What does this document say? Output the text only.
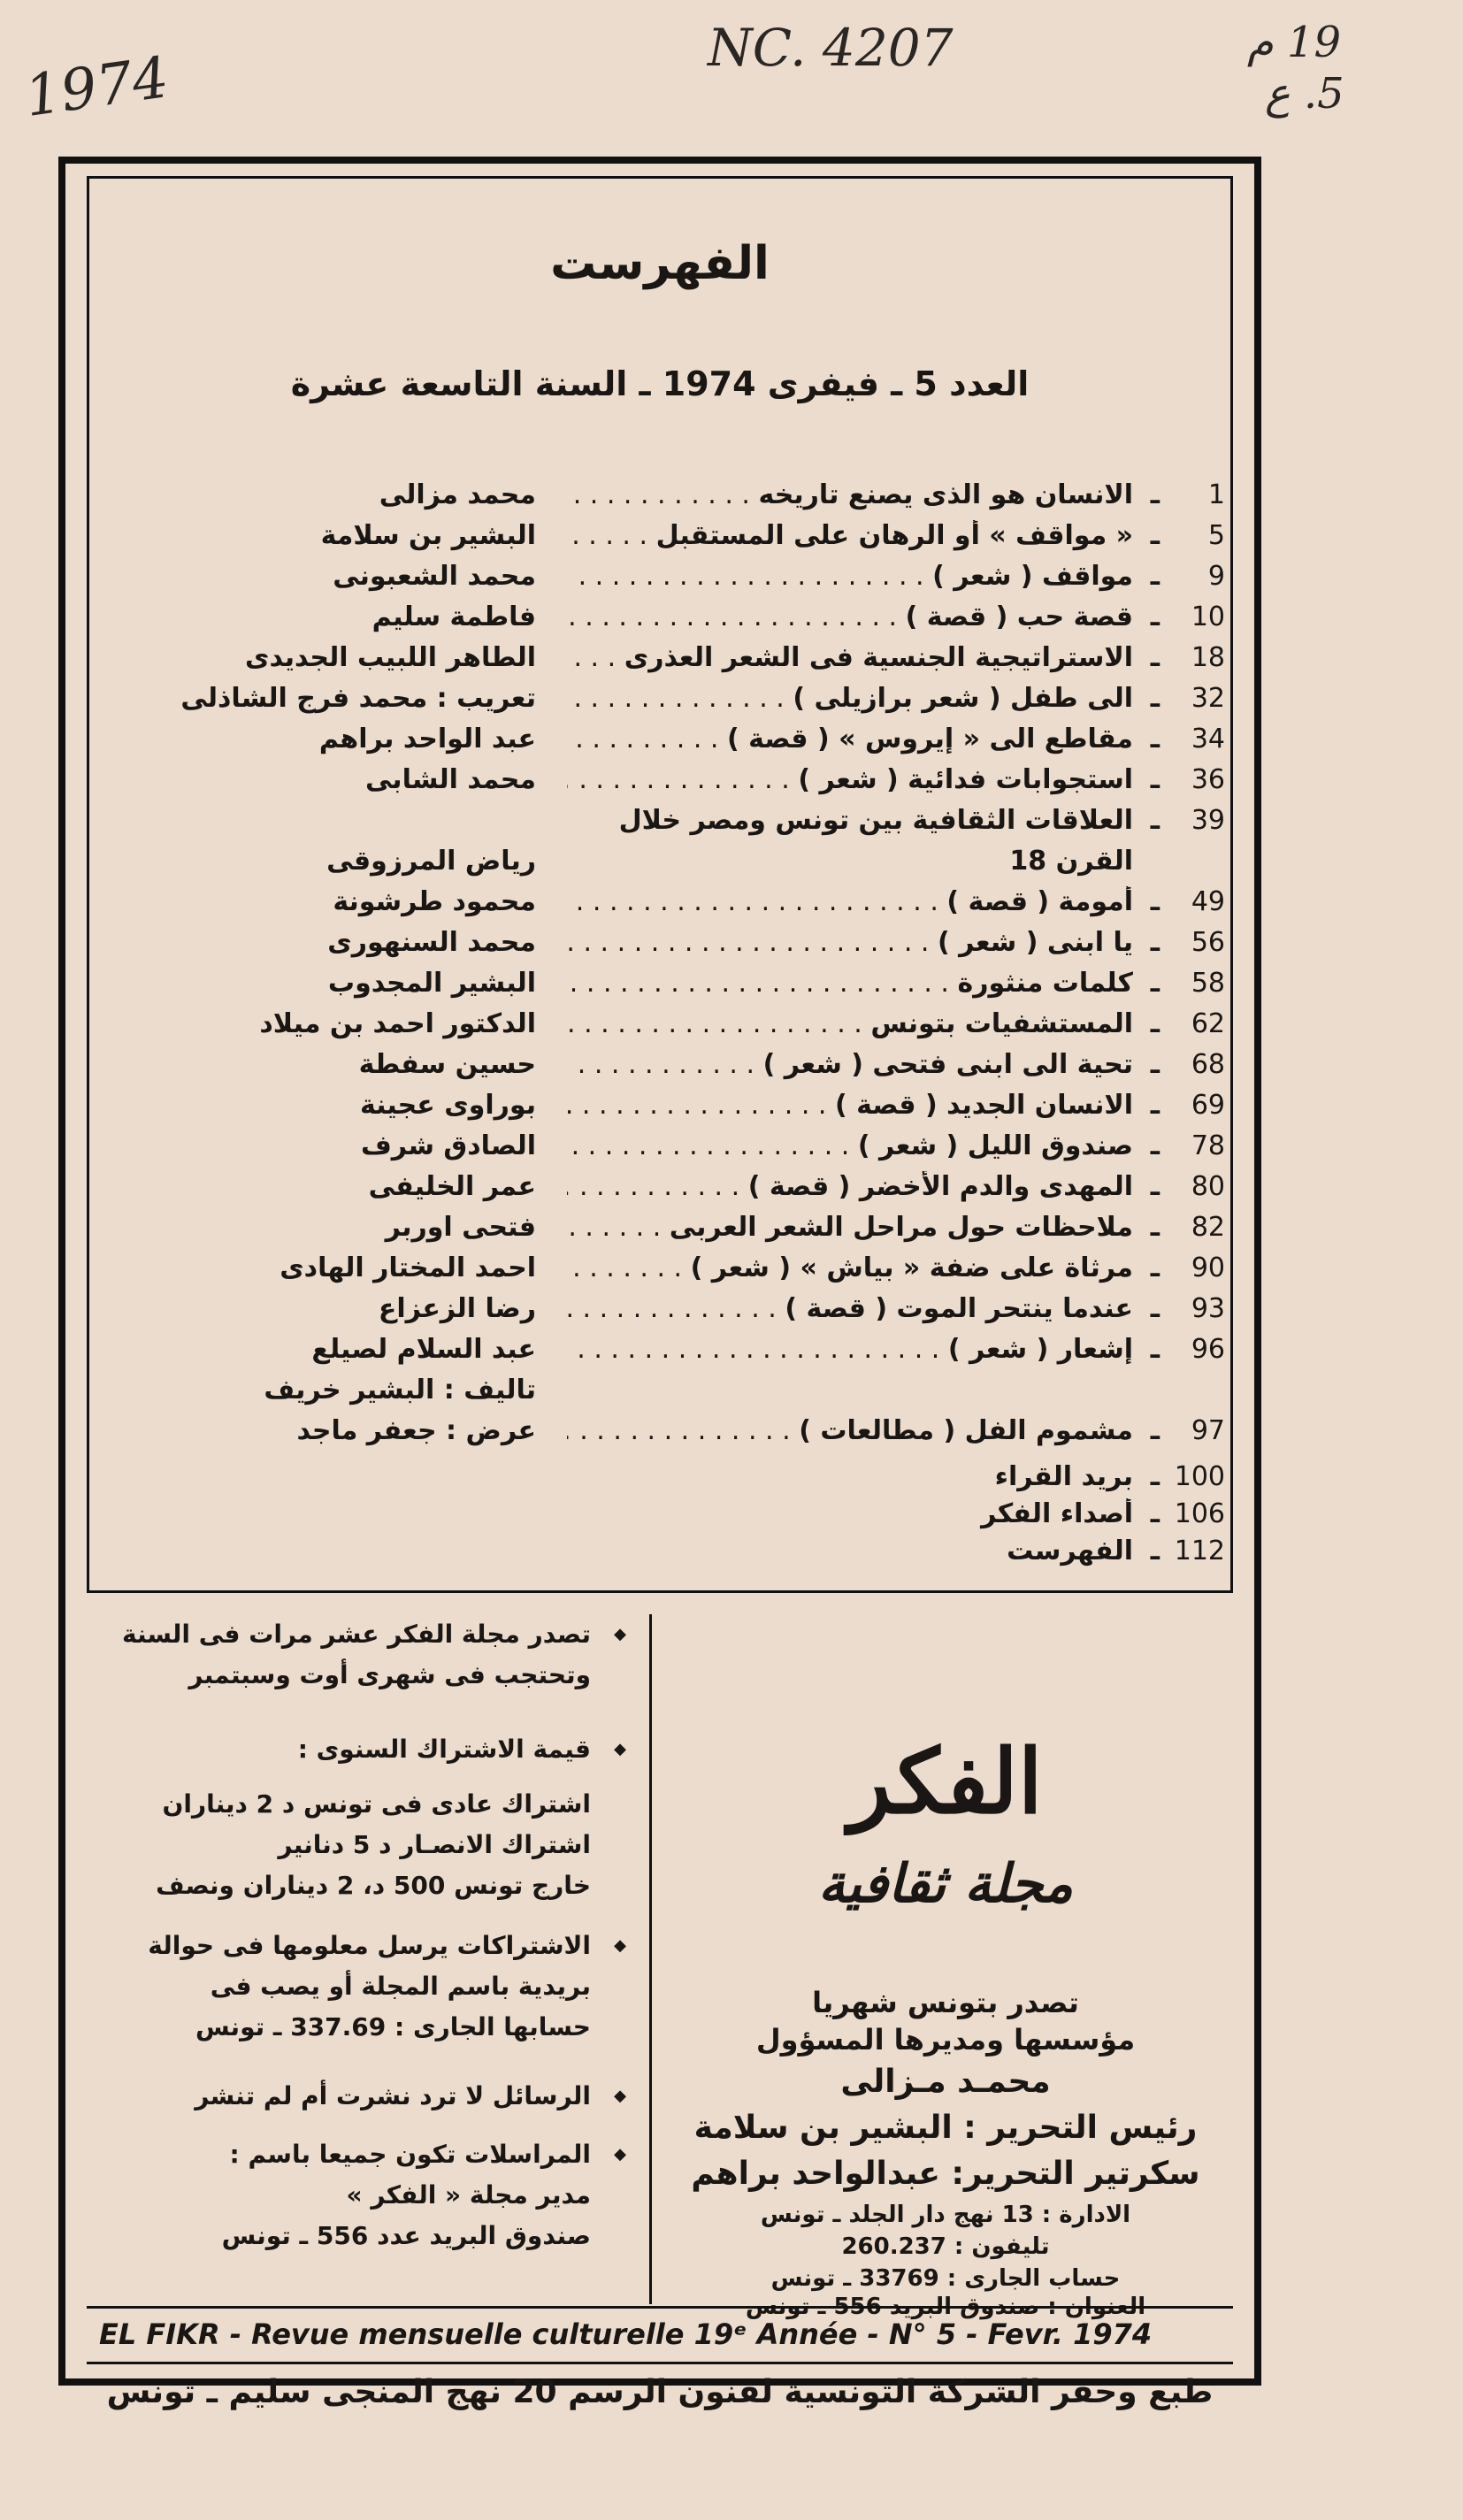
1974	NC. 4207	19 م
5. ع
الفهرست
العدد 5 ـ فيفرى 1974 ـ السنة التاسعة عشرة
1
ـ
الانسان هو الذى يصنع تاريخه . . .
محمد مزالى
5
ـ
« مواقف » أو الرهان على المستقبل . . .
البشير بن سلامة
9
ـ
مواقف ( شعر ) . . .
محمد الشعبونى
10
ـ
قصة حب ( قصة ) . . .
فاطمة سليم
18
ـ
الاستراتيجية الجنسية فى الشعر العذرى . . .
الطاهر اللبيب الجديدى
32
ـ
الى طفل ( شعر برازيلى ) . . .
تعريب : محمد فرج الشاذلى
34
ـ
مقاطع الى « إيروس » ( قصة ) . . .
عبد الواحد براهم
36
ـ
استجوابات فدائية ( شعر ) . . .
محمد الشابى
39
ـ
العلاقات الثقافية بين تونس ومصر خلال
القرن 18
رياض المرزوقى
49
ـ
أمومة ( قصة ) . . .
محمود طرشونة
56
ـ
يا ابنى ( شعر ) . . .
محمد السنهورى
58
ـ
كلمات منثورة . . .
البشير المجدوب
62
ـ
المستشفيات بتونس . . .
الدكتور احمد بن ميلاد
68
ـ
تحية الى ابنى فتحى ( شعر ) . . .
حسين سفطة
69
ـ
الانسان الجديد ( قصة ) . . .
بوراوى عجينة
78
ـ
صندوق الليل ( شعر ) . . .
الصادق شرف
80
ـ
المهدى والدم الأخضر ( قصة ) . . .
عمر الخليفى
82
ـ
ملاحظات حول مراحل الشعر العربى . . .
فتحى اوربر
90
ـ
مرثاة على ضفة « بياش » ( شعر ) . . .
احمد المختار الهادى
93
ـ
عندما ينتحر الموت ( قصة ) . . .
رضا الزعزاع
96
ـ
إشعار ( شعر ) . . .
عبد السلام لصيلع
تاليف : البشير خريف
97
ـ
مشموم الفل ( مطالعات ) . . .
عرض : جعفر ماجد
100
ـ
بريد القراء
106
ـ
أصداء الفكر
112
ـ
الفهرست
◆
تصدر مجلة الفكر عشر مرات فى السنة
وتحتجب فى شهرى أوت وسبتمبر
◆
قيمة الاشتراك السنوى :
اشتراك عادى فى تونس د 2 ديناران
اشتراك الانصـار د 5 دنانير
خارج تونس 500 د، 2 ديناران ونصف
◆
الاشتراكات يرسل معلومها فى حوالة
بريدية باسم المجلة أو يصب فى
حسابها الجارى : 337.69 ـ تونس
◆
الرسائل لا ترد نشرت أم لم تنشر
◆
المراسلات تكون جميعا باسم :
مدير مجلة « الفكر »
صندوق البريد عدد 556 ـ تونس
الفكر
مجلة ثقافية
تصدر بتونس شهريا
مؤسسها ومديرها المسؤول
محمـد مـزالى
رئيس التحرير : البشير بن سلامة
سكرتير التحرير: عبدالواحد براهم
الادارة : 13 نهج دار الجلد ـ تونس
تليفون : 260.237
حساب الجارى : 33769 ـ تونس
العنوان : صندوق البريد 556 ـ تونس
EL FIKR - Revue mensuelle culturelle 19ᵉ Année - N° 5 - Fevr. 1974
طبع وحفر الشركة التونسية لفنون الرسم 20 نهج المنجى سليم ـ تونس
